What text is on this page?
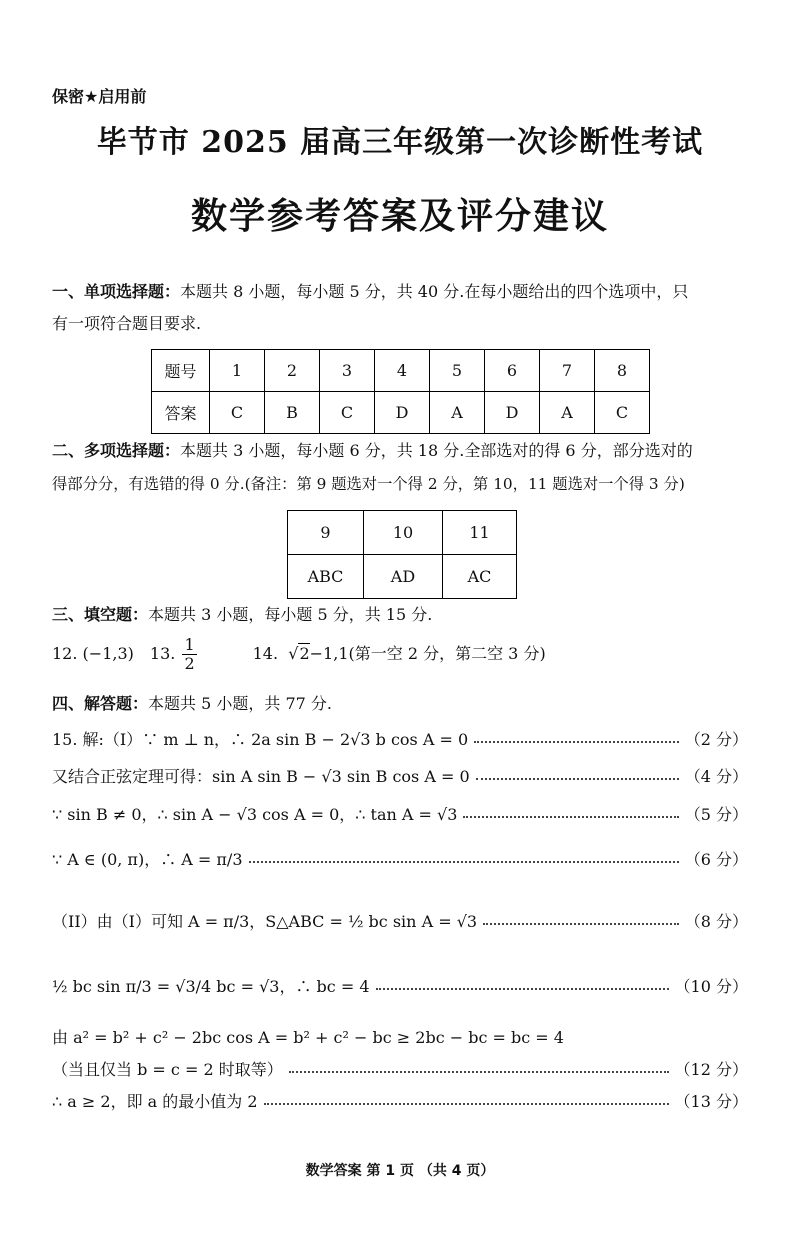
保密★启用前
毕节市 2025 届高三年级第一次诊断性考试
数学参考答案及评分建议
一、单项选择题：本题共 8 小题，每小题 5 分，共 40 分.在每小题给出的四个选项中，只
有一项符合题目要求.
题号	1	2	3	4	5	6	7	8
答案	C	B	C	D	A	D	A	C
二、多项选择题：本题共 3 小题，每小题 6 分，共 18 分.全部选对的得 6 分，部分选对的
得部分分，有选错的得 0 分.(备注：第 9 题选对一个得 2 分，第 10，11 题选对一个得 3 分)
9	10	11
ABC	AD	AC
三、填空题：本题共 3 小题，每小题 5 分，共 15 分.
12.
(−1,3) 13.
$\frac{1}{2}$	14.
√2 −1,1(第一空 2 分，第二空 3 分)
四、解答题：本题共 5 小题，共 77 分.
15. 解:（I）∵ m ⊥ n，∴ 2a sin B − 2√3 b cos A = 0	（2 分）
又结合正弦定理可得：sin A sin B − √3 sin B cos A = 0	（4 分）
∵ sin B ≠ 0，∴ sin A − √3 cos A = 0，∴ tan A = √3	（5 分）
∵ A ∈ (0, π)，∴ A = π/3	（6 分）
（II）由（I）可知 A = π/3，S△ABC = ½ bc sin A = √3	（8 分）
½ bc sin π/3 = √3/4 bc = √3，∴ bc = 4	（10 分）
由 a² = b² + c² − 2bc cos A = b² + c² − bc ≥ 2bc − bc = bc = 4
（当且仅当 b = c = 2 时取等）	（12 分）
∴ a ≥ 2，即 a 的最小值为 2	（13 分）
数学答案 第 1 页 （共 4 页）
